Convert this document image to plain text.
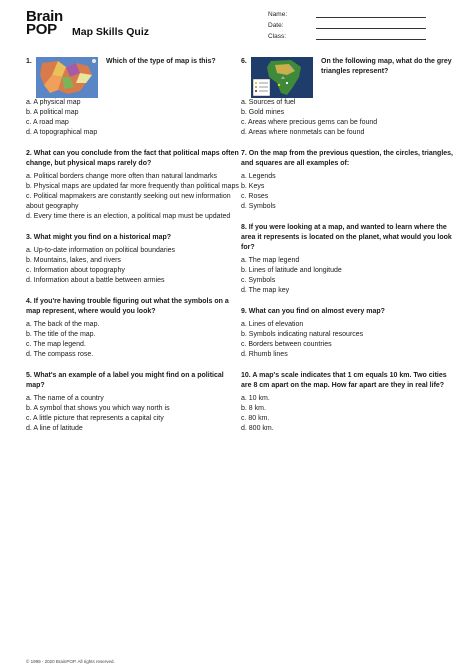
Brain
POP	Map Skills Quiz
Name:
Date:
Class:
1.	Which of the type of map is this?
a. A physical map
b. A political map
c. A road map
d. A topographical map
2. What can you conclude from the fact that political maps often change, but physical maps rarely do?
a. Political borders change more often than natural landmarks
b. Physical maps are updated far more frequently than political maps
c. Political mapmakers are constantly seeking out new information about geography
d. Every time there is an election, a political map must be updated
3. What might you find on a historical map?
a. Up-to-date information on political boundaries
b. Mountains, lakes, and rivers
c. Information about topography
d. Information about a battle between armies
4. If you're having trouble figuring out what the symbols on a map represent, where would you look?
a. The back of the map.
b. The title of the map.
c. The map legend.
d. The compass rose.
5. What's an example of a label you might find on a political map?
a. The name of a country
b. A symbol that shows you which way north is
c. A little picture that represents a capital city
d. A line of latitude
6.	On the following map, what do the grey triangles represent?
a. Sources of fuel
b. Gold mines
c. Areas where precious gems can be found
d. Areas where nonmetals can be found
7. On the map from the previous question, the circles, triangles, and squares are all examples of:
a. Legends
b. Keys
c. Roses
d. Symbols
8. If you were looking at a map, and wanted to learn where the area it represents is located on the planet, what would you look for?
a. The map legend
b. Lines of latitude and longitude
c. Symbols
d. The map key
9. What can you find on almost every map?
a. Lines of elevation
b. Symbols indicating natural resources
c. Borders between countries
d. Rhumb lines
10. A map's scale indicates that 1 cm equals 10 km. Two cities are 8 cm apart on the map. How far apart are they in real life?
a. 10 km.
b. 8 km.
c. 80 km.
d. 800 km.
© 1999 - 2020 BrainPOP. All rights reserved.
